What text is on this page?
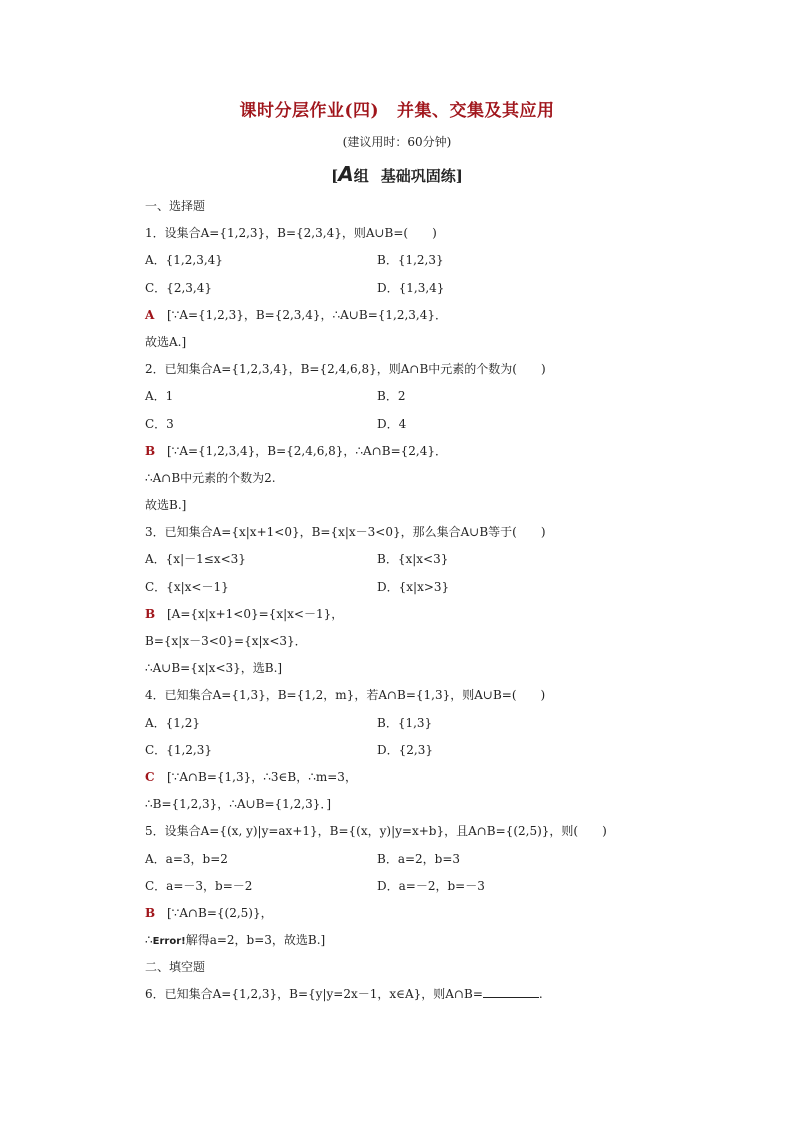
课时分层作业(四) 并集、交集及其应用
(建议用时：60分钟)
[A组 基础巩固练]
一、选择题
1．设集合A={1,2,3}，B={2,3,4}，则A∪B=(　　)
A．{1,2,3,4}	B．{1,2,3}
C．{2,3,4}	D．{1,3,4}
A [∵A={1,2,3}，B={2,3,4}，∴A∪B={1,2,3,4}．
故选A.]
2．已知集合A={1,2,3,4}，B={2,4,6,8}，则A∩B中元素的个数为(　　)
A．1	B．2
C．3	D．4
B [∵A={1,2,3,4}，B={2,4,6,8}，∴A∩B={2,4}．
∴A∩B中元素的个数为2.
故选B.]
3．已知集合A={x|x+1<0}，B={x|x－3<0}，那么集合A∪B等于(　　)
A．{x|－1≤x<3}	B．{x|x<3}
C．{x|x<－1}	D．{x|x>3}
B [A={x|x+1<0}={x|x<－1}，
B={x|x－3<0}={x|x<3}．
∴A∪B={x|x<3}，选B.]
4．已知集合A={1,3}，B={1,2，m}，若A∩B={1,3}，则A∪B=(　　)
A．{1,2}	B．{1,3}
C．{1,2,3}	D．{2,3}
C [∵A∩B={1,3}，∴3∈B，∴m=3，
∴B={1,2,3}，∴A∪B={1,2,3}．]
5．设集合A={(x, y)|y=ax+1}，B={(x，y)|y=x+b}，且A∩B={(2,5)}，则(　　)
A．a=3，b=2	B．a=2，b=3
C．a=－3，b=－2	D．a=－2，b=－3
B [∵A∩B={(2,5)}，
∴Error!解得a=2，b=3，故选B.]
二、填空题
6．已知集合A={1,2,3}，B={y|y=2x－1，x∈A}，则A∩B=	.
